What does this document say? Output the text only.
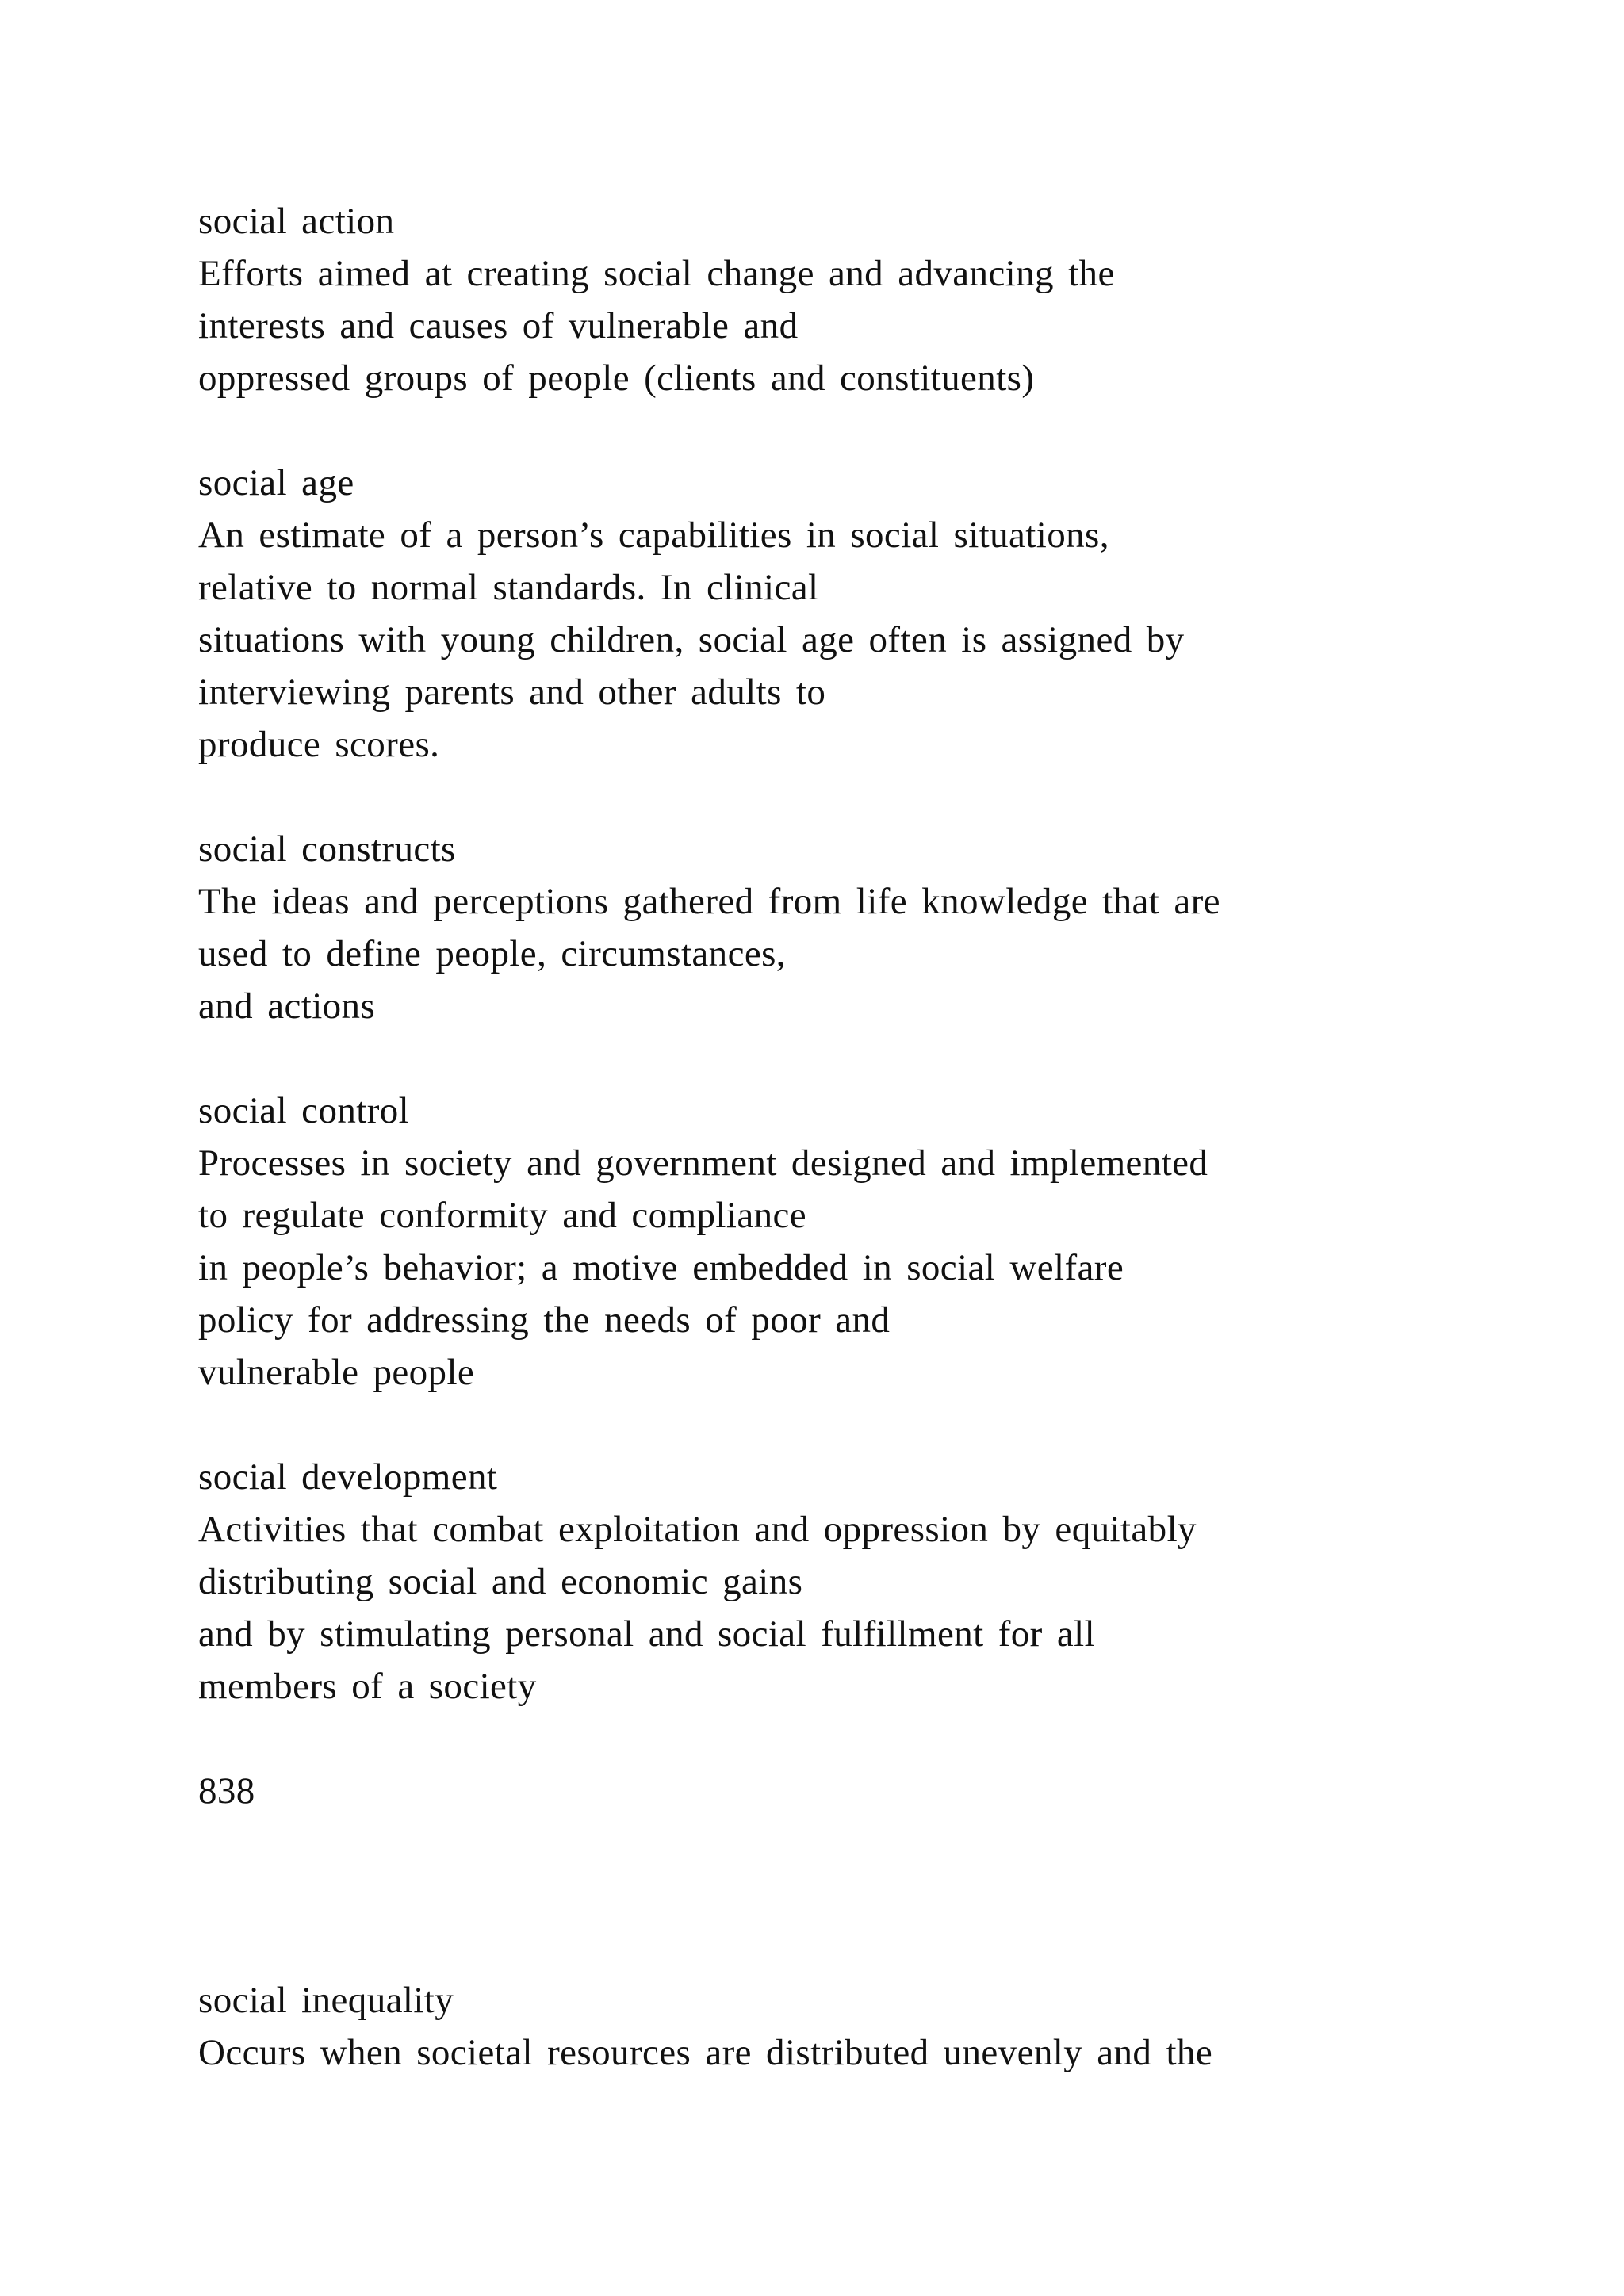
social action
Efforts aimed at creating social change and advancing the
interests and causes of vulnerable and
oppressed groups of people (clients and constituents)
social age
An estimate of a person’s capabilities in social situations,
relative to normal standards. In clinical
situations with young children, social age often is assigned by
interviewing parents and other adults to
produce scores.
social constructs
The ideas and perceptions gathered from life knowledge that are
used to define people, circumstances,
and actions
social control
Processes in society and government designed and implemented
to regulate conformity and compliance
in people’s behavior; a motive embedded in social welfare
policy for addressing the needs of poor and
vulnerable people
social development
Activities that combat exploitation and oppression by equitably
distributing social and economic gains
and by stimulating personal and social fulfillment for all
members of a society
838
social inequality
Occurs when societal resources are distributed unevenly and the
